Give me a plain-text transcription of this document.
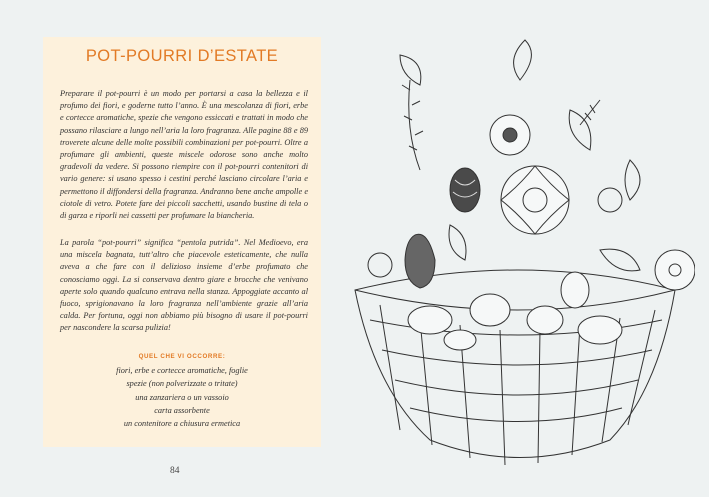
POT-POURRI D’ESTATE

Preparare il pot-pourri è un modo per portarsi a casa la bellezza e il profumo dei fiori, e goderne tutto l’anno. È una mescolanza di fiori, erbe e cortecce aromatiche, spezie che vengono essiccati e trattati in modo che possano rilasciare a lungo nell’aria la loro fragranza. Alle pagine 88 e 89 troverete alcune delle molte possibili combinazioni per pot-pourri. Oltre a profumare gli ambienti, queste miscele odorose sono anche molto gradevoli da vedere. Si possono riempire con il pot-pourri contenitori di vario genere: si usano spesso i cestini perché lasciano circolare l’aria e permettono il diffondersi della fragranza. Andranno bene anche ampolle e ciotole di vetro. Potete fare dei piccoli sacchetti, usando bustine di tela o di garza e riporli nei cassetti per profumare la biancheria.

La parola “pot-pourri” significa “pentola putrida”. Nel Medioevo, era una miscela bagnata, tutt’altro che piacevole esteticamente, che nulla aveva a che fare con il delizioso insieme d’erbe profumato che conosciamo oggi. La si conservava dentro giare e brocche che venivano aperte solo quando qualcuno entrava nella stanza. Appoggiate accanto al fuoco, sprigionavano la loro fragranza nell’ambiente grazie all’aria calda. Per fortuna, oggi non abbiamo più bisogno di usare il pot-pourri per nascondere la scarsa pulizia!

QUEL CHE VI OCCORRE:
fiori, erbe e cortecce aromatiche, foglie
spezie (non polverizzate o tritate)
una zanzariera o un vassoio
carta assorbente
un contenitore a chiusura ermetica
84
